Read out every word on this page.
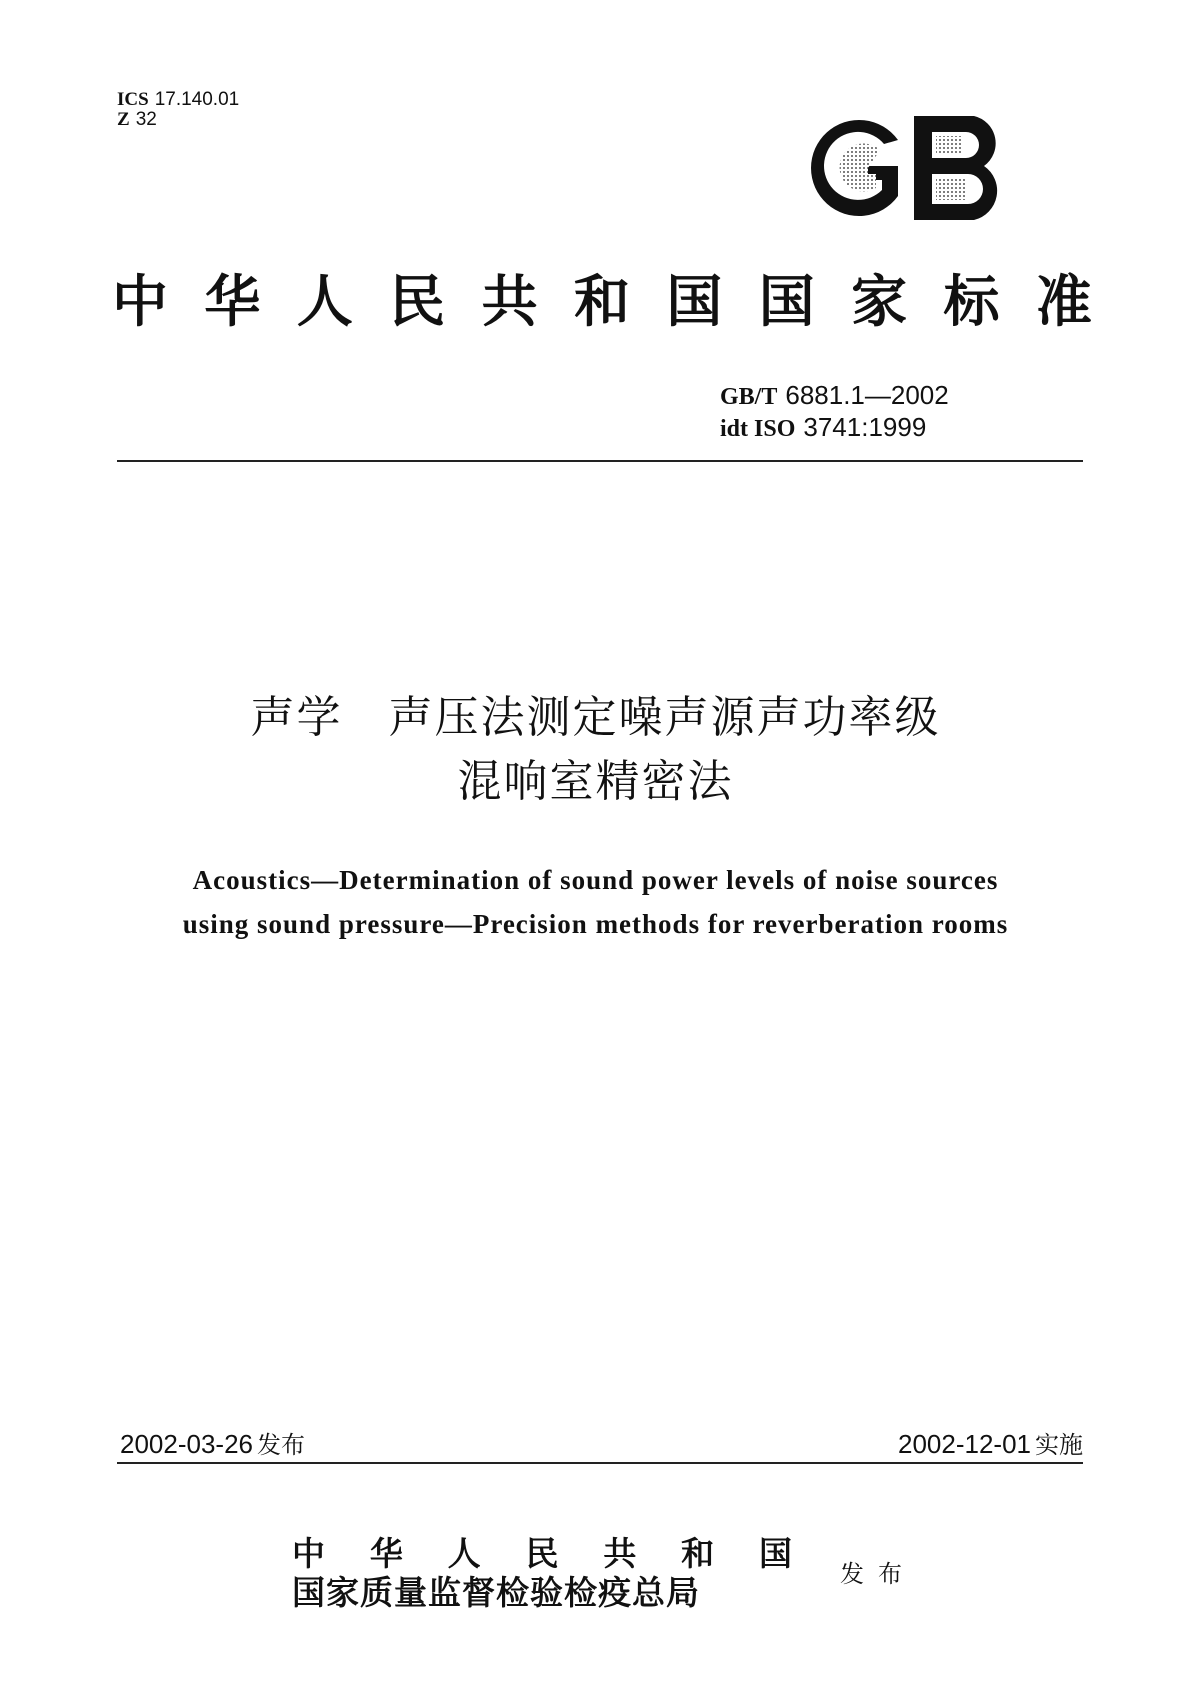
ICS 17.140.01
Z 32
中 华 人 民 共 和 国 国 家 标 准
GB/T 6881.1—2002
idt ISO 3741:1999
声学　声压法测定噪声源声功率级
混响室精密法
Acoustics—Determination of sound power levels of noise sources
using sound pressure—Precision methods for reverberation rooms
2002-03-26 发布	2002-12-01 实施
中 华 人 民 共 和 国
国家质量监督检验检疫总局	发布
